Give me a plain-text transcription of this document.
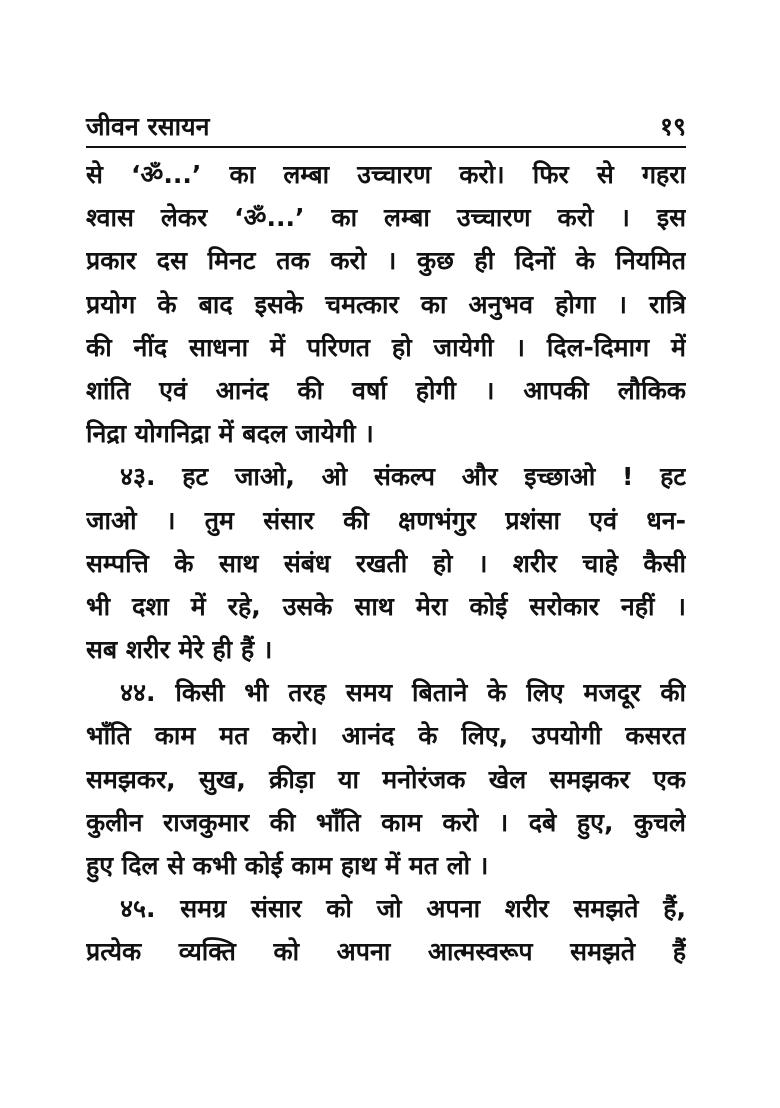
जीवन रसायन	१९
से ‘ॐ...’ का लम्बा उच्चारण करो। फिर से गहरा
श्वास लेकर ‘ॐ...’ का लम्बा उच्चारण करो । इस
प्रकार दस मिनट तक करो । कुछ ही दिनों के नियमित
प्रयोग के बाद इसके चमत्कार का अनुभव होगा । रात्रि
की नींद साधना में परिणत हो जायेगी । दिल-दिमाग में
शांति एवं आनंद की वर्षा होगी । आपकी लौकिक
निद्रा योगनिद्रा में बदल जायेगी ।
४३. हट जाओ, ओ संकल्प और इच्छाओ ! हट
जाओ । तुम संसार की क्षणभंगुर प्रशंसा एवं धन-
सम्पत्ति के साथ संबंध रखती हो । शरीर चाहे कैसी
भी दशा में रहे, उसके साथ मेरा कोई सरोकार नहीं ।
सब शरीर मेरे ही हैं ।
४४. किसी भी तरह समय बिताने के लिए मजदूर की
भाँति काम मत करो। आनंद के लिए, उपयोगी कसरत
समझकर, सुख, क्रीड़ा या मनोरंजक खेल समझकर एक
कुलीन राजकुमार की भाँति काम करो । दबे हुए, कुचले
हुए दिल से कभी कोई काम हाथ में मत लो ।
४५. समग्र संसार को जो अपना शरीर समझते हैं,
प्रत्येक व्यक्ति को अपना आत्मस्वरूप समझते हैं
